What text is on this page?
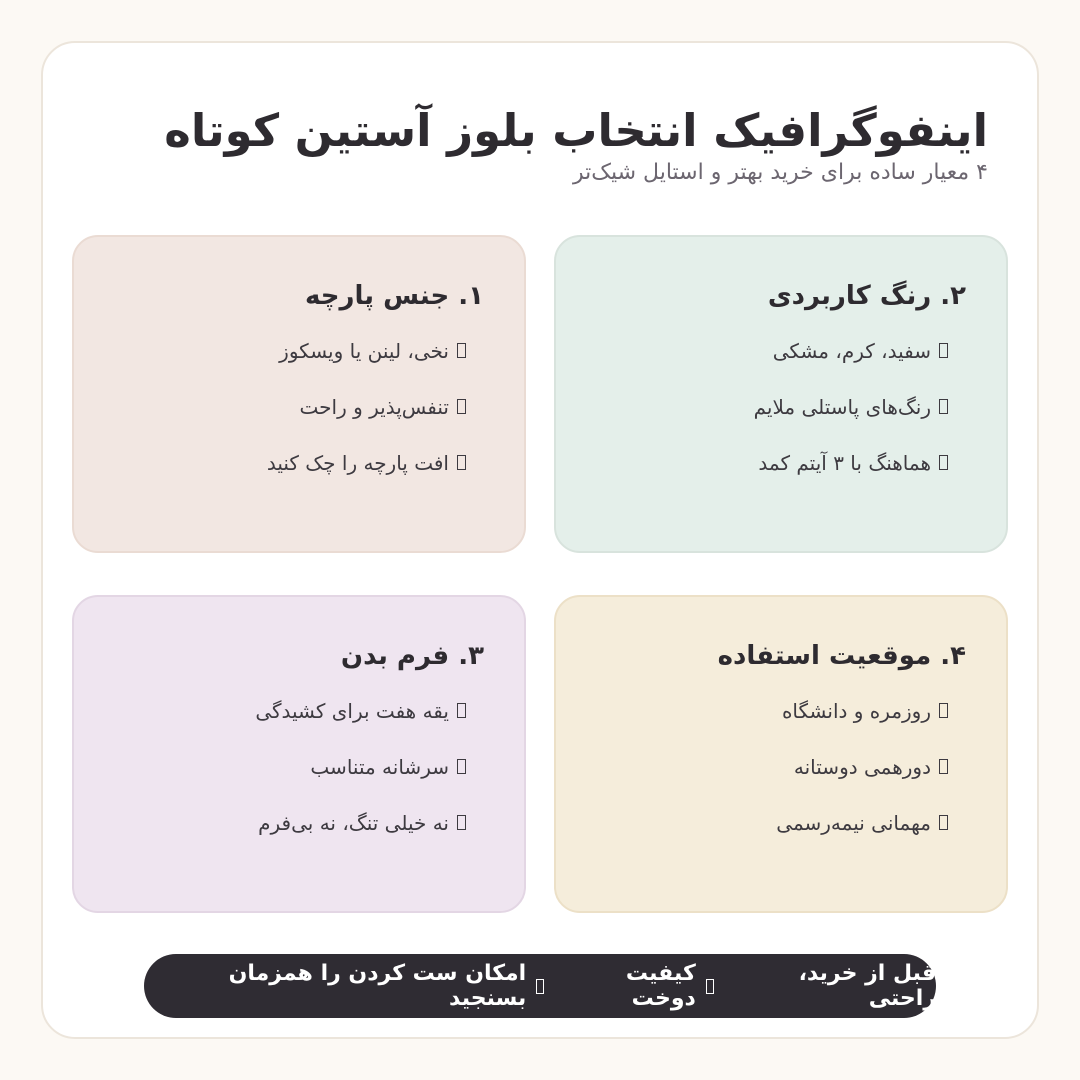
اینفوگرافیک انتخاب بلوز آستین کوتاه
۴ معیار ساده برای خرید بهتر و استایل شیک‌تر
۱. جنس پارچه
نخی، لینن یا ویسکوز
تنفس‌پذیر و راحت
افت پارچه را چک کنید
۲. رنگ کاربردی
سفید، کرم، مشکی
رنگ‌های پاستلی ملایم
هماهنگ با ۳ آیتم کمد
۳. فرم بدن
یقه هفت برای کشیدگی
سرشانه متناسب
نه خیلی تنگ، نه بی‌فرم
۴. موقعیت استفاده
روزمره و دانشگاه
دورهمی دوستانه
مهمانی نیمه‌رسمی
قبل از خرید، راحتی
کیفیت دوخت
امکان ست کردن را همزمان بسنجید
